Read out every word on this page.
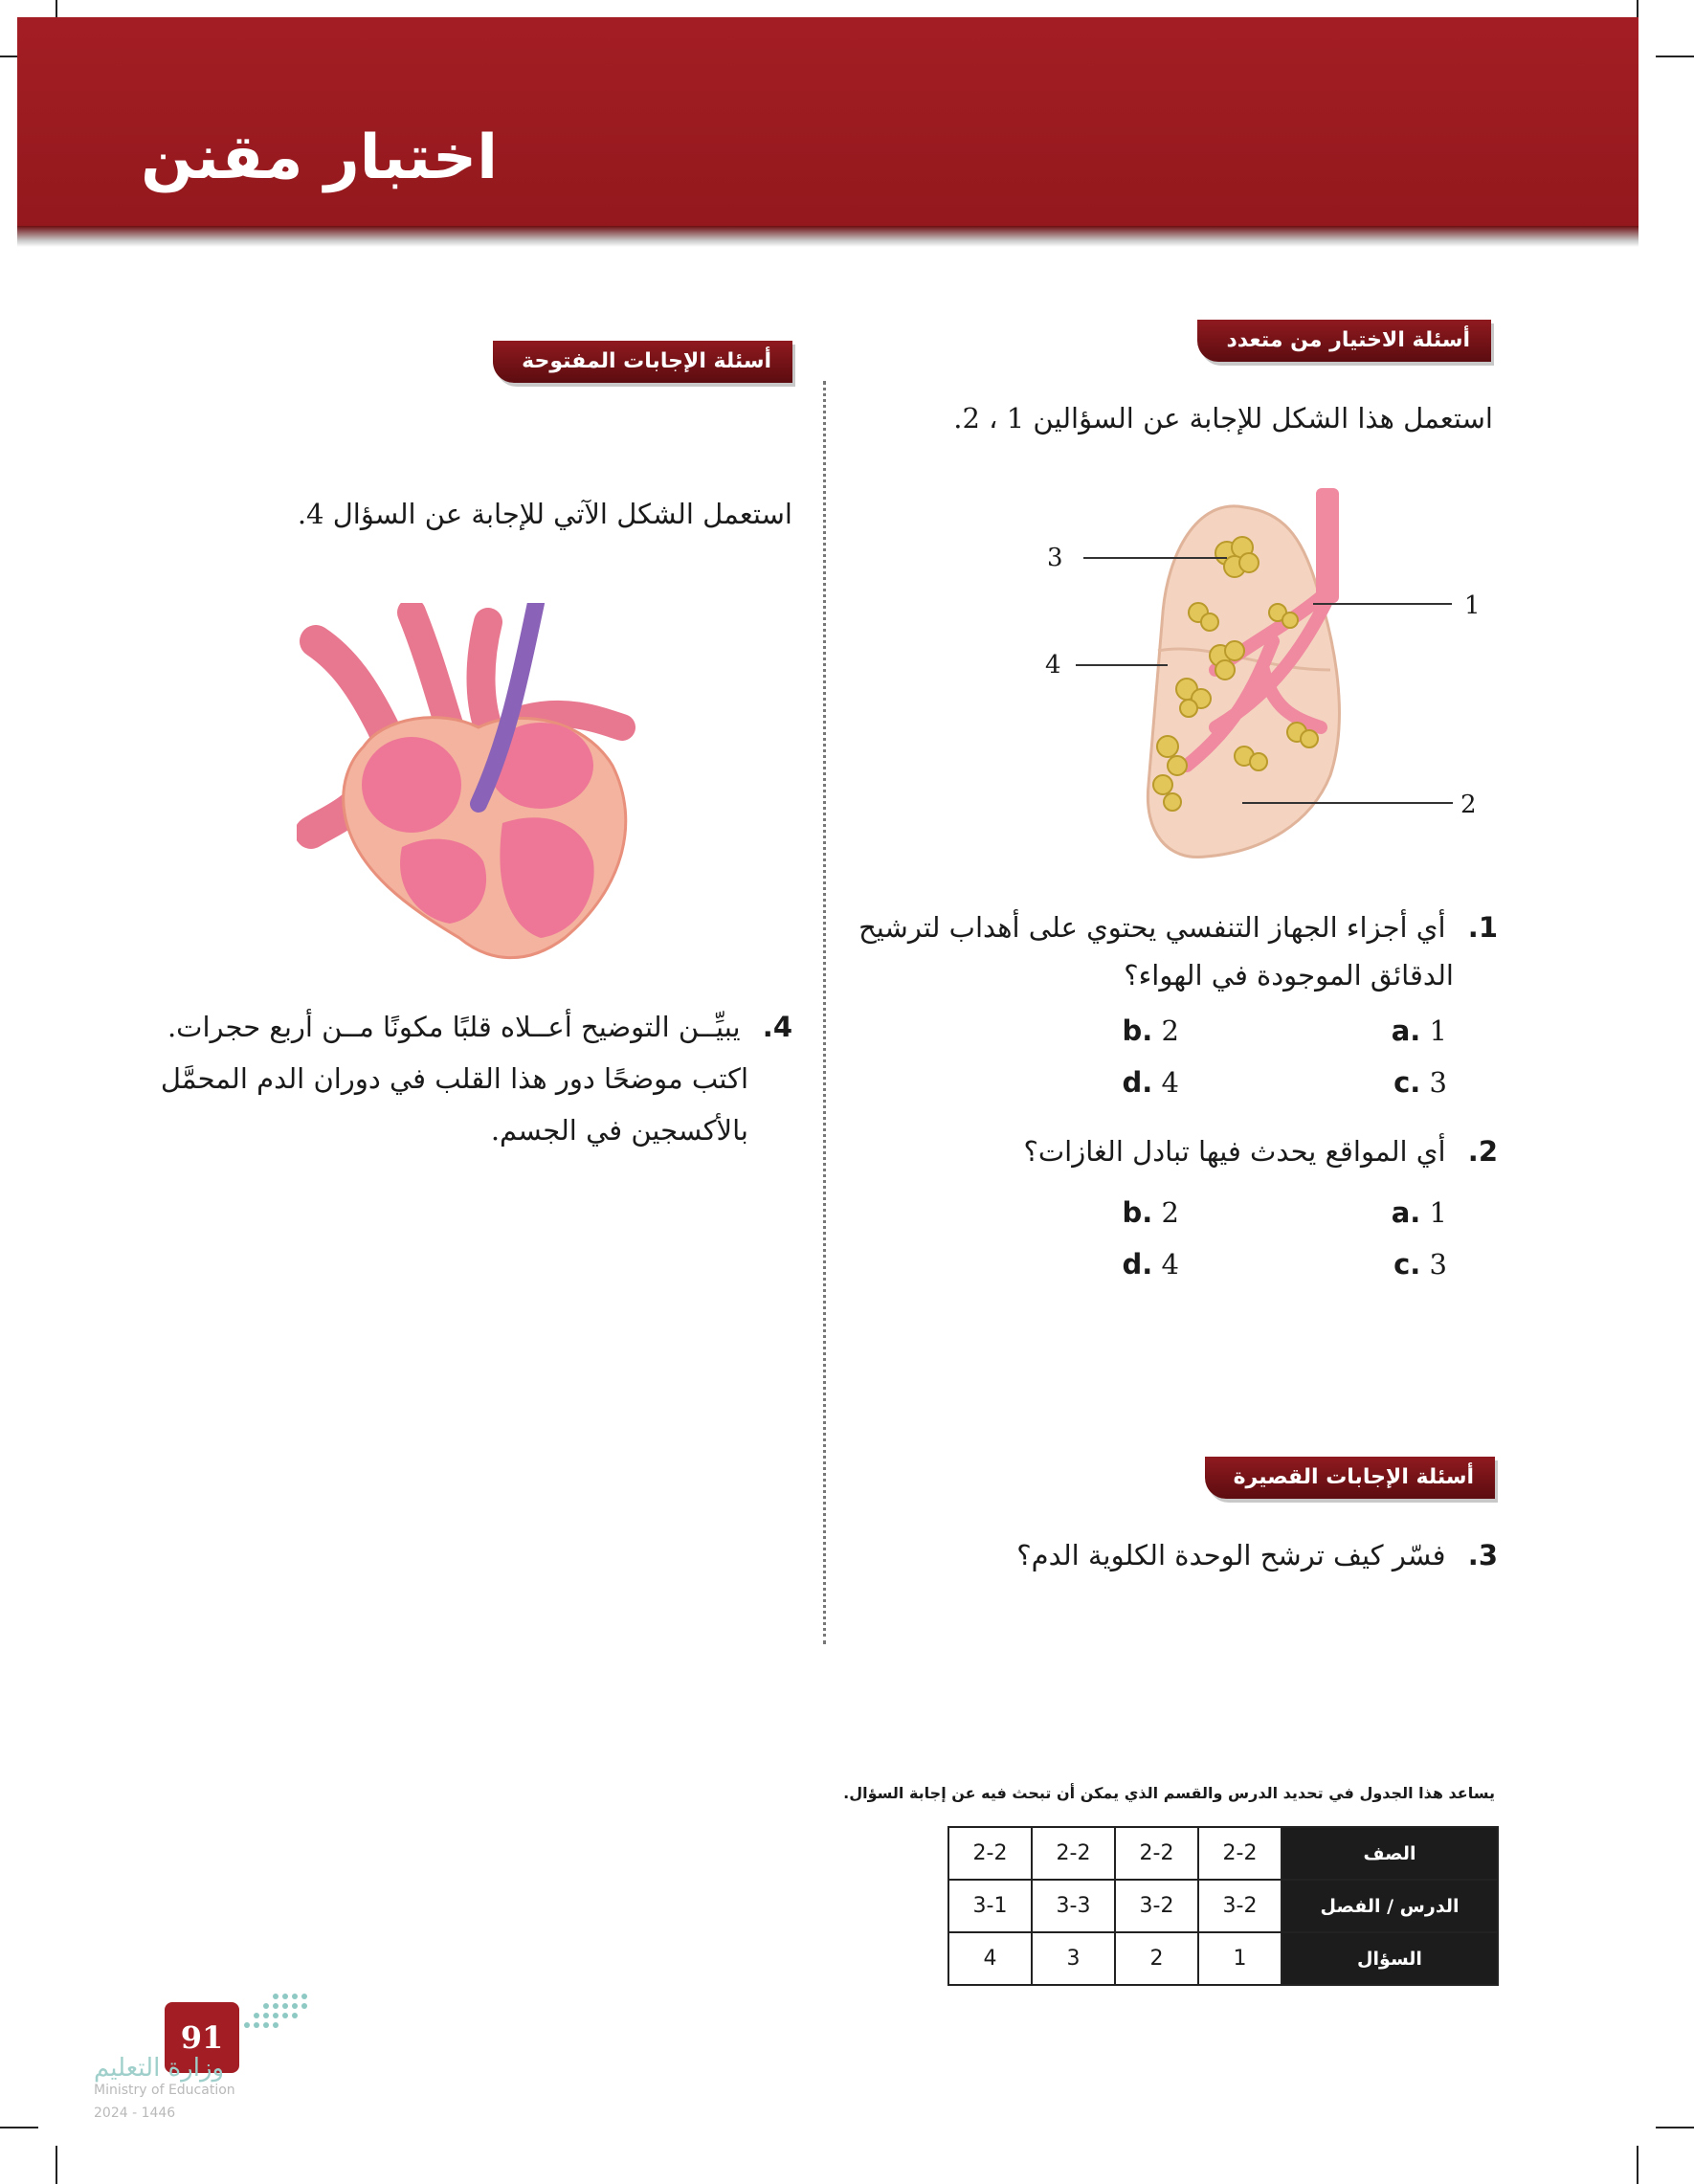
اختبار مقنن
أسئلة الاختيار من متعدد
أسئلة الإجابات المفتوحة
أسئلة الإجابات القصيرة
استعمل هذا الشكل للإجابة عن السؤالين 1 ، 2.
3
1
4
2
1. أي أجزاء الجهاز التنفسي يحتوي على أهداب لترشيح
الدقائق الموجودة في الهواء؟
a. 1
b. 2
c. 3
d. 4
2. أي المواقع يحدث فيها تبادل الغازات؟
a. 1
b. 2
c. 3
d. 4
3. فسّر كيف ترشح الوحدة الكلوية الدم؟
استعمل الشكل الآتي للإجابة عن السؤال 4.
4. يبيِّــن التوضيح أعــلاه قلبًا مكونًا مــن أربع حجرات.
اكتب موضحًا دور هذا القلب في دوران الدم المحمَّل
بالأكسجين في الجسم.
يساعد هذا الجدول في تحديد الدرس والقسم الذي يمكن أن تبحث فيه عن إجابة السؤال.
الصف	2-2	2-2	2-2	2-2
الدرس / الفصل	3-2	3-2	3-3	3-1
السؤال	1	2	3	4
91
وزارة التعليم
Ministry of Education
2024 - 1446
